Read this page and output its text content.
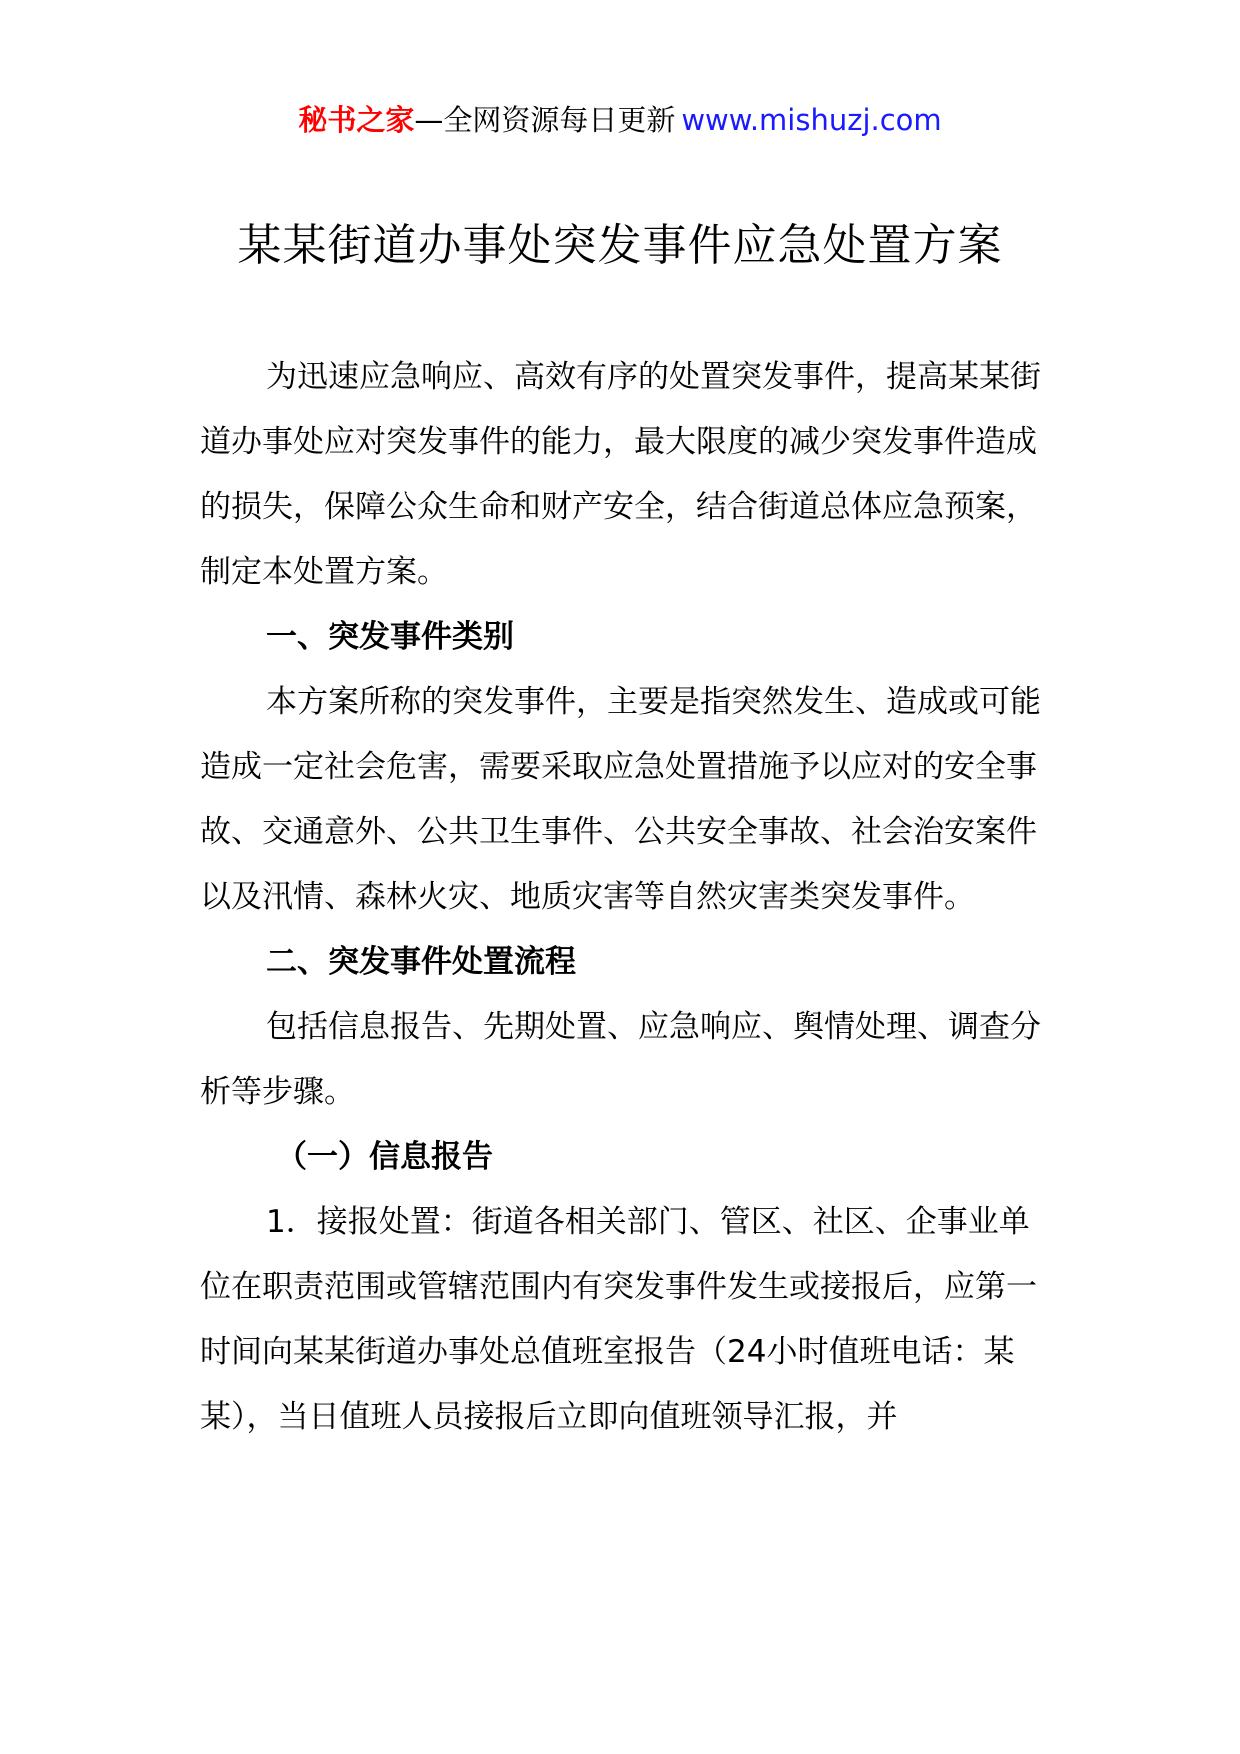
秘书之家—全网资源每日更新 www.mishuzj.com
某某街道办事处突发事件应急处置方案

为迅速应急响应、高效有序的处置突发事件，提高某某街道办事处应对突发事件的能力，最大限度的减少突发事件造成的损失，保障公众生命和财产安全，结合街道总体应急预案，制定本处置方案。

一、突发事件类别

本方案所称的突发事件，主要是指突然发生、造成或可能造成一定社会危害，需要采取应急处置措施予以应对的安全事故、交通意外、公共卫生事件、公共安全事故、社会治安案件以及汛情、森林火灾、地质灾害等自然灾害类突发事件。

二、突发事件处置流程

包括信息报告、先期处置、应急响应、舆情处理、调查分析等步骤。

（一）信息报告

1．接报处置：街道各相关部门、管区、社区、企事业单位在职责范围或管辖范围内有突发事件发生或接报后，应第一时间向某某街道办事处总值班室报告（24小时值班电话：某某），当日值班人员接报后立即向值班领导汇报，并
